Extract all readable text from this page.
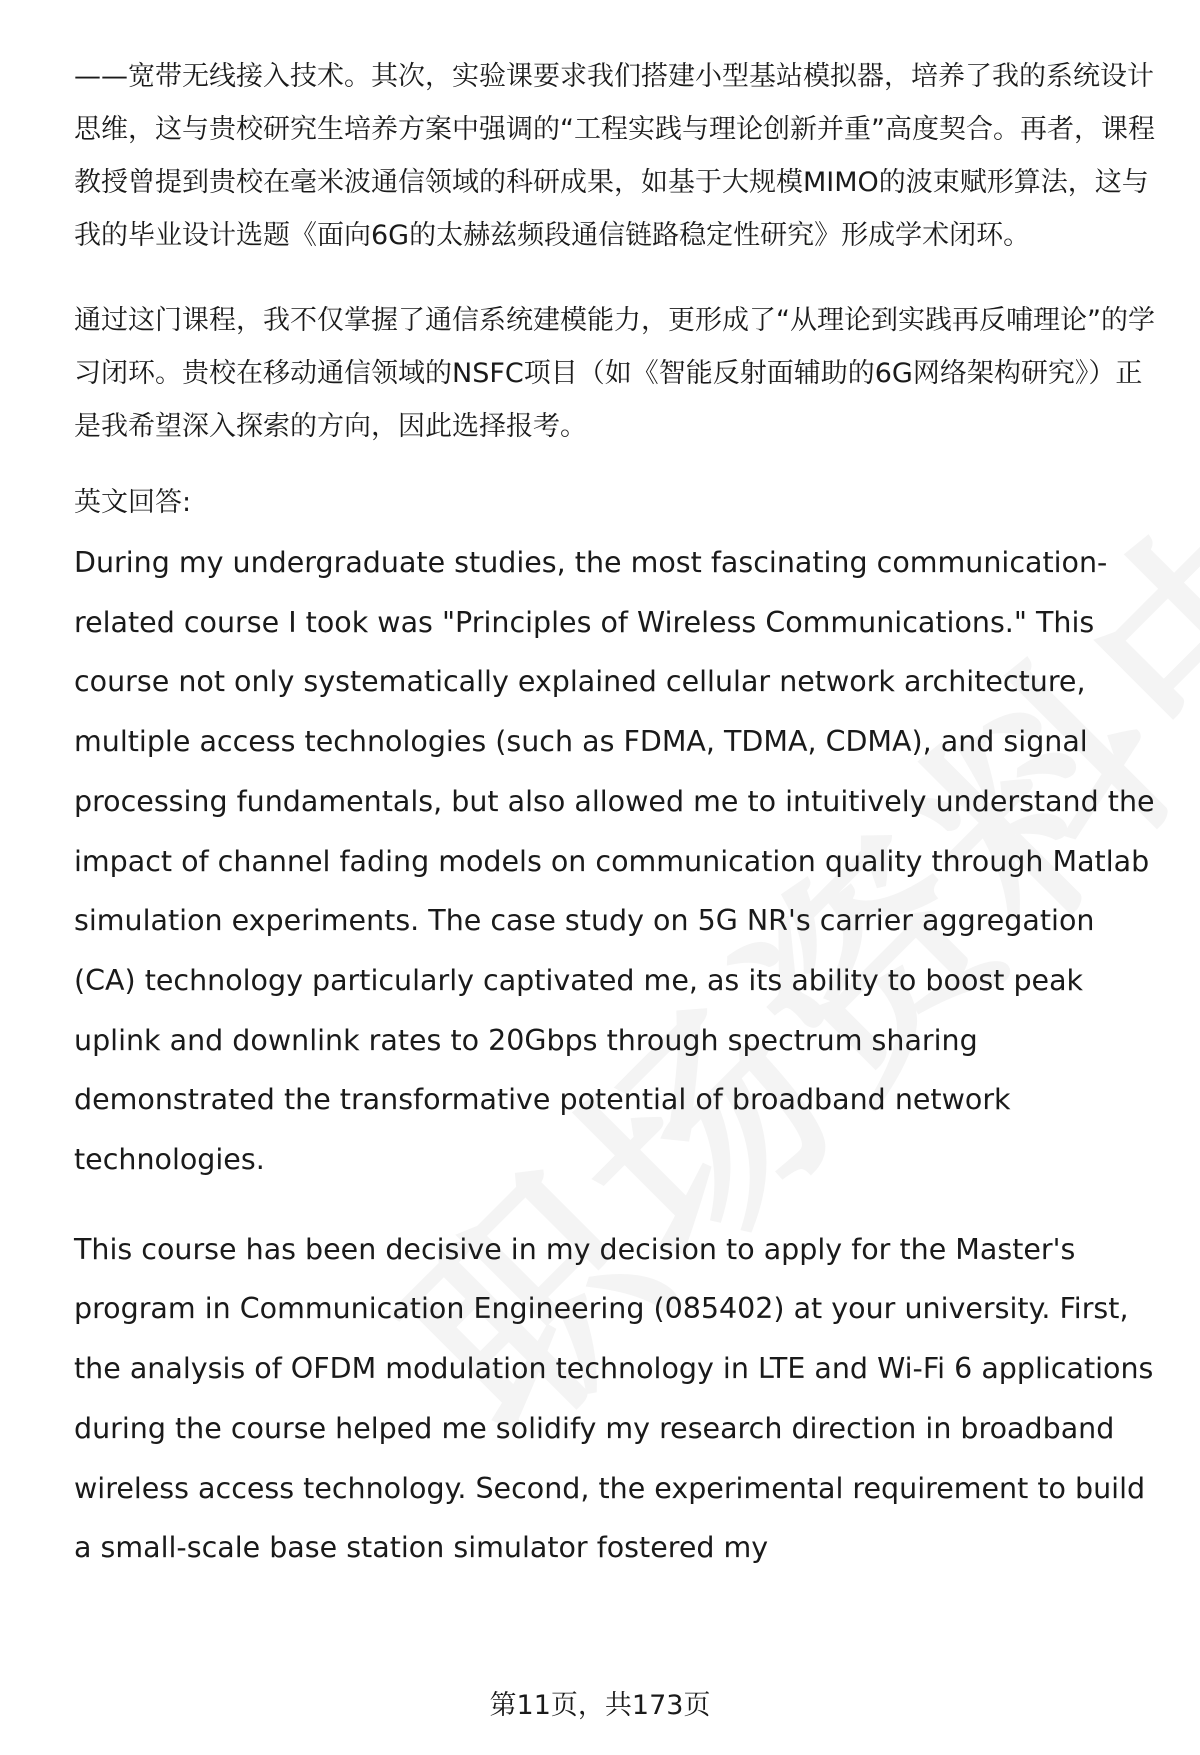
——宽带无线接入技术。其次，实验课要求我们搭建小型基站模拟器，培养了我的系统设计思维，这与贵校研究生培养方案中强调的“工程实践与理论创新并重”高度契合。再者，课程教授曾提到贵校在毫米波通信领域的科研成果，如基于大规模MIMO的波束赋形算法，这与我的毕业设计选题《面向6G的太赫兹频段通信链路稳定性研究》形成学术闭环。

通过这门课程，我不仅掌握了通信系统建模能力，更形成了“从理论到实践再反哺理论”的学习闭环。贵校在移动通信领域的NSFC项目（如《智能反射面辅助的6G网络架构研究》）正是我希望深入探索的方向，因此选择报考。

英文回答:

During my undergraduate studies, the most fascinating communication-related course I took was "Principles of Wireless Communications." This course not only systematically explained cellular network architecture, multiple access technologies (such as FDMA, TDMA, CDMA), and signal processing fundamentals, but also allowed me to intuitively understand the impact of channel fading models on communication quality through Matlab simulation experiments. The case study on 5G NR's carrier aggregation (CA) technology particularly captivated me, as its ability to boost peak uplink and downlink rates to 20Gbps through spectrum sharing demonstrated the transformative potential of broadband network technologies.

This course has been decisive in my decision to apply for the Master's program in Communication Engineering (085402) at your university. First, the analysis of OFDM modulation technology in LTE and Wi-Fi 6 applications during the course helped me solidify my research direction in broadband wireless access technology. Second, the experimental requirement to build a small-scale base station simulator fostered my

第11页，共173页
